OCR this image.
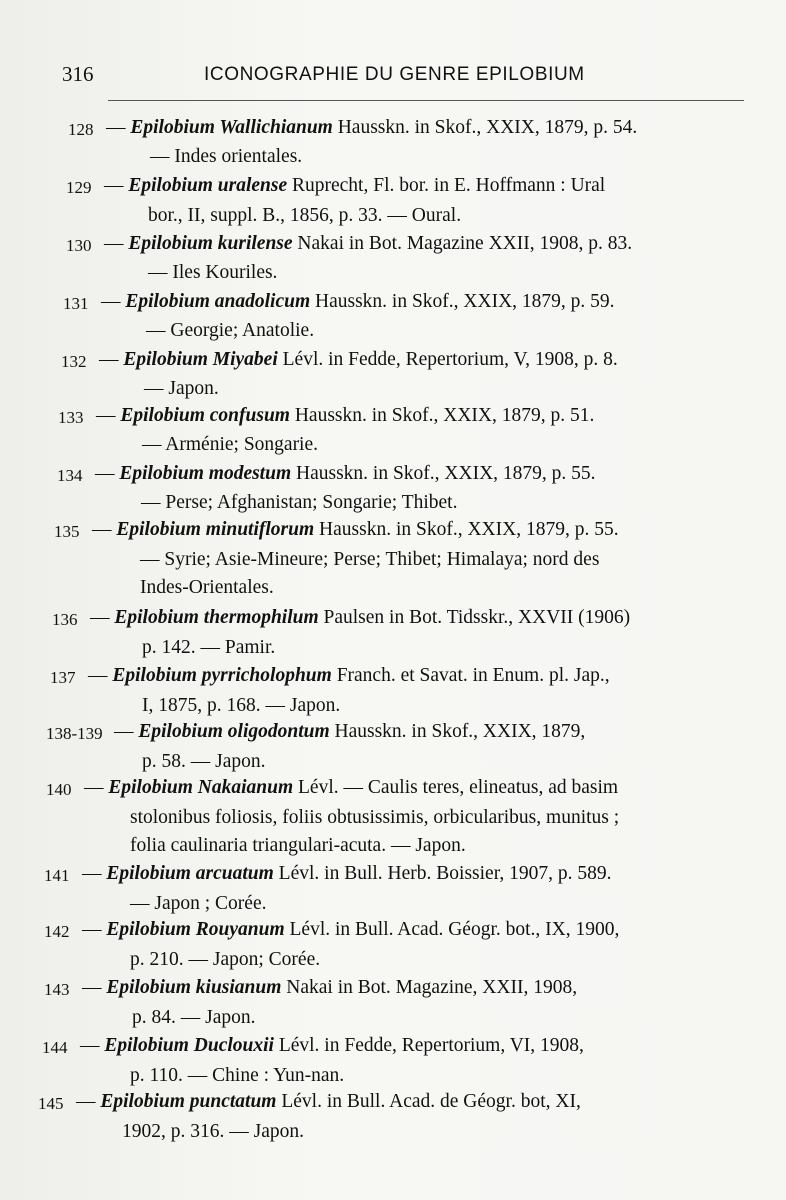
316	ICONOGRAPHIE DU GENRE EPILOBIUM
128 — Epilobium Wallichianum Hausskn. in Skof., XXIX, 1879, p. 54.
— Indes orientales.
129 — Epilobium uralense Ruprecht, Fl. bor. in E. Hoffmann : Ural
bor., II, suppl. B., 1856, p. 33. — Oural.
130 — Epilobium kurilense Nakai in Bot. Magazine XXII, 1908, p. 83.
— Iles Kouriles.
131 — Epilobium anadolicum Hausskn. in Skof., XXIX, 1879, p. 59.
— Georgie; Anatolie.
132 — Epilobium Miyabei Lévl. in Fedde, Repertorium, V, 1908, p. 8.
— Japon.
133 — Epilobium confusum Hausskn. in Skof., XXIX, 1879, p. 51.
— Arménie; Songarie.
134 — Epilobium modestum Hausskn. in Skof., XXIX, 1879, p. 55.
— Perse; Afghanistan; Songarie; Thibet.
135 — Epilobium minutiflorum Hausskn. in Skof., XXIX, 1879, p. 55.
— Syrie; Asie-Mineure; Perse; Thibet; Himalaya; nord des
Indes-Orientales.
136 — Epilobium thermophilum Paulsen in Bot. Tidsskr., XXVII (1906)
p. 142. — Pamir.
137 — Epilobium pyrricholophum Franch. et Savat. in Enum. pl. Jap.,
I, 1875, p. 168. — Japon.
138-139 — Epilobium oligodontum Hausskn. in Skof., XXIX, 1879,
p. 58. — Japon.
140 — Epilobium Nakaianum Lévl. — Caulis teres, elineatus, ad basim
stolonibus foliosis, foliis obtusissimis, orbicularibus, munitus ;
folia caulinaria triangulari-acuta. — Japon.
141 — Epilobium arcuatum Lévl. in Bull. Herb. Boissier, 1907, p. 589.
— Japon ; Corée.
142 — Epilobium Rouyanum Lévl. in Bull. Acad. Géogr. bot., IX, 1900,
p. 210. — Japon; Corée.
143 — Epilobium kiusianum Nakai in Bot. Magazine, XXII, 1908,
p. 84. — Japon.
144 — Epilobium Duclouxii Lévl. in Fedde, Repertorium, VI, 1908,
p. 110. — Chine : Yun-nan.
145 — Epilobium punctatum Lévl. in Bull. Acad. de Géogr. bot, XI,
1902, p. 316. — Japon.
